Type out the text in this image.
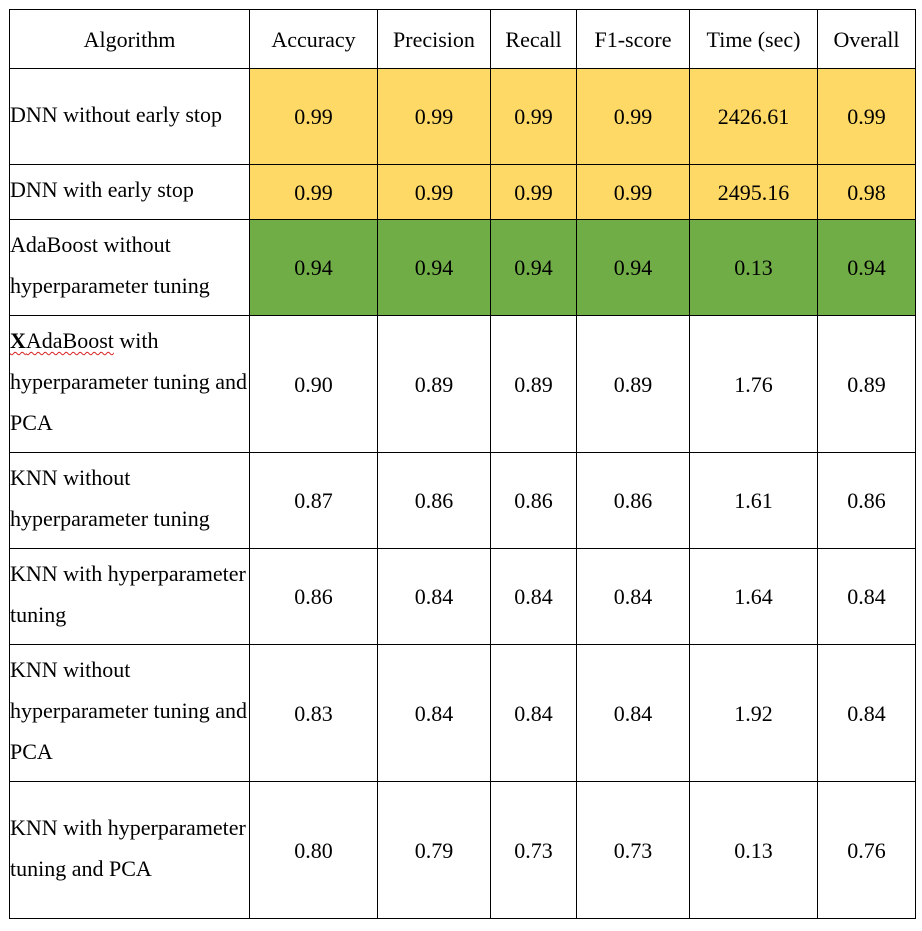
Algorithm	Accuracy	Precision	Recall	F1-score	Time (sec)	Overall

DNN without early stop	0.99	0.99	0.99	0.99	2426.61	0.99

DNN with early stop	0.99	0.99	0.99	0.99	2495.16	0.98

AdaBoost without hyperparameter tuning	0.94	0.94	0.94	0.94	0.13	0.94

XAdaBoost with hyperparameter tuning and PCA	0.90	0.89	0.89	0.89	1.76	0.89

KNN without hyperparameter tuning	0.87	0.86	0.86	0.86	1.61	0.86

KNN with hyperparameter tuning	0.86	0.84	0.84	0.84	1.64	0.84

KNN without hyperparameter tuning and PCA	0.83	0.84	0.84	0.84	1.92	0.84

KNN with hyperparameter tuning and PCA	0.80	0.79	0.73	0.73	0.13	0.76
